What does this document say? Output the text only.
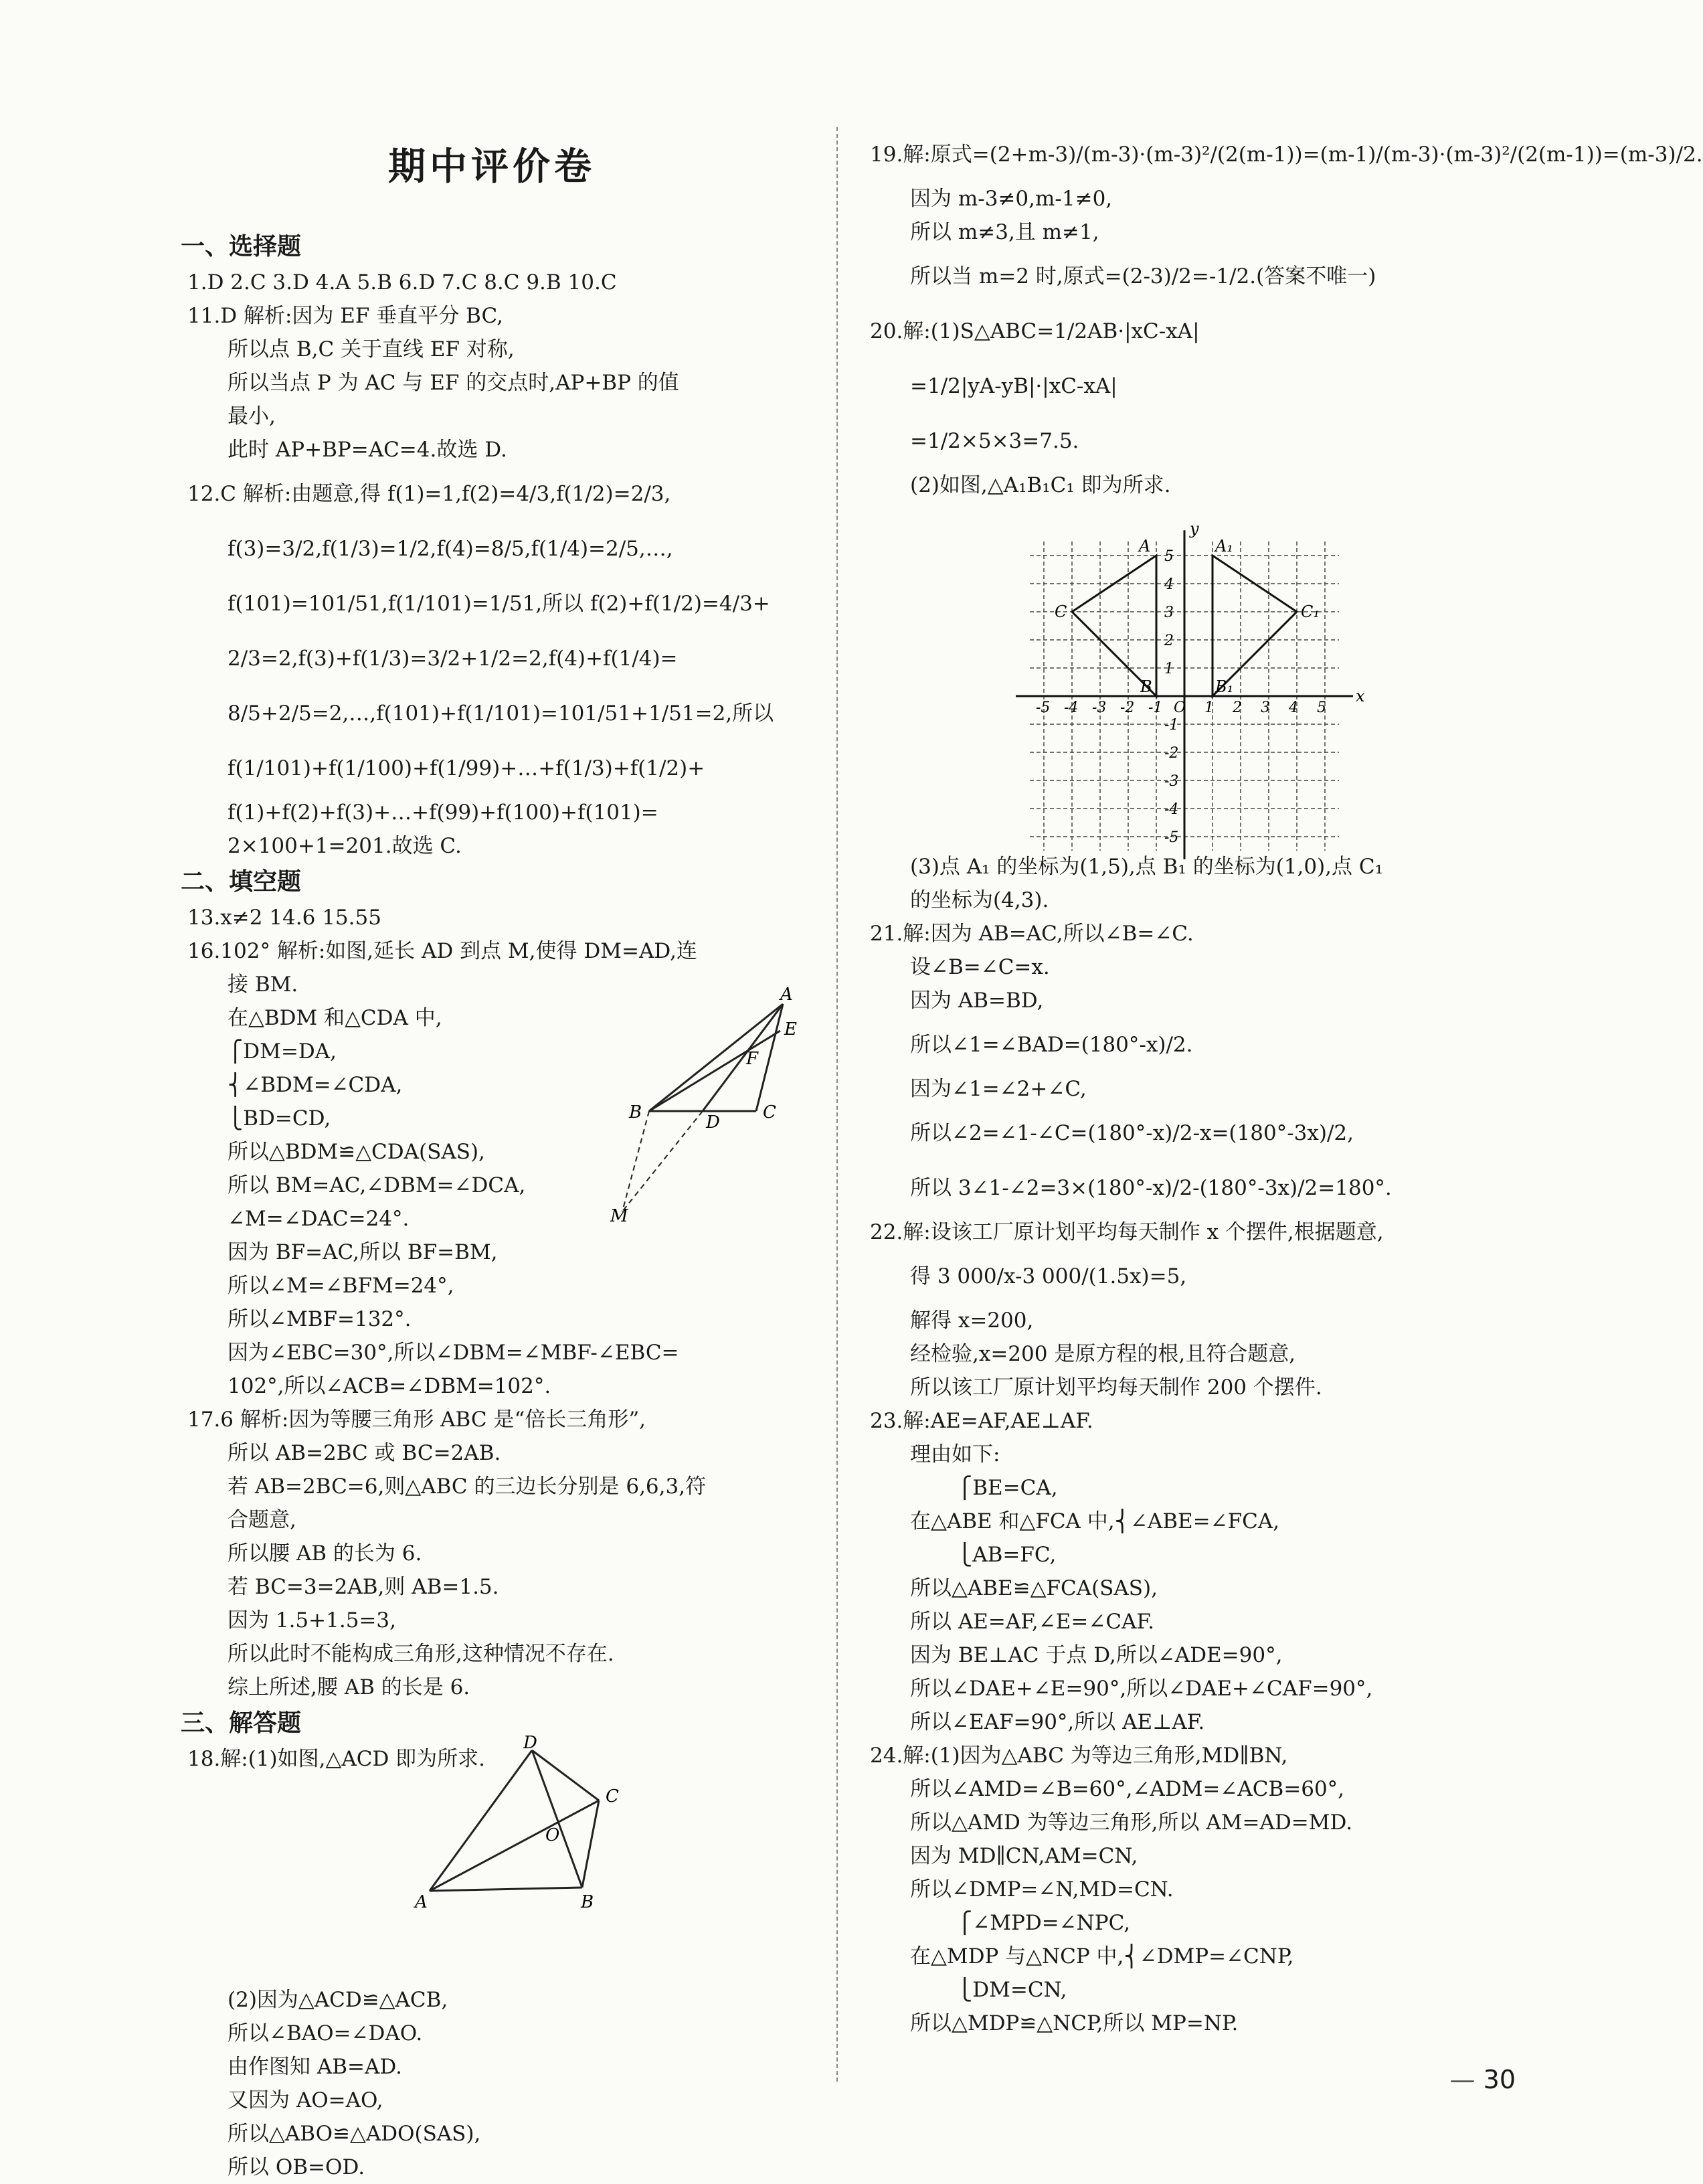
期中评价卷
一、选择题
1.D 2.C 3.D 4.A 5.B 6.D 7.C 8.C 9.B 10.C
11.D 解析:因为 EF 垂直平分 BC,
所以点 B,C 关于直线 EF 对称,
所以当点 P 为 AC 与 EF 的交点时,AP+BP 的值
最小,
此时 AP+BP=AC=4.故选 D.
12.C 解析:由题意,得 f(1)=1,f(2)=4/3,f(1/2)=2/3,
f(3)=3/2,f(1/3)=1/2,f(4)=8/5,f(1/4)=2/5,…,
f(101)=101/51,f(1/101)=1/51,所以 f(2)+f(1/2)=4/3+
2/3=2,f(3)+f(1/3)=3/2+1/2=2,f(4)+f(1/4)=
8/5+2/5=2,…,f(101)+f(1/101)=101/51+1/51=2,所以
f(1/101)+f(1/100)+f(1/99)+…+f(1/3)+f(1/2)+
f(1)+f(2)+f(3)+…+f(99)+f(100)+f(101)=
2×100+1=201.故选 C.
二、填空题
13.x≠2 14.6 15.55
16.102° 解析:如图,延长 AD 到点 M,使得 DM=AD,连
接 BM.
在△BDM 和△CDA 中,
⎧DM=DA,
⎨∠BDM=∠CDA,
⎩BD=CD,
所以△BDM≌△CDA(SAS),
所以 BM=AC,∠DBM=∠DCA,
∠M=∠DAC=24°.
因为 BF=AC,所以 BF=BM,
所以∠M=∠BFM=24°,
所以∠MBF=132°.
因为∠EBC=30°,所以∠DBM=∠MBF-∠EBC=
102°,所以∠ACB=∠DBM=102°.
17.6 解析:因为等腰三角形 ABC 是“倍长三角形”,
所以 AB=2BC 或 BC=2AB.
若 AB=2BC=6,则△ABC 的三边长分别是 6,6,3,符
合题意,
所以腰 AB 的长为 6.
若 BC=3=2AB,则 AB=1.5.
因为 1.5+1.5=3,
所以此时不能构成三角形,这种情况不存在.
综上所述,腰 AB 的长是 6.
三、解答题
18.解:(1)如图,△ACD 即为所求.
(2)因为△ACD≌△ACB,
所以∠BAO=∠DAO.
由作图知 AB=AD.
又因为 AO=AO,
所以△ABO≌△ADO(SAS),
所以 OB=OD.
19.解:原式=(2+m-3)/(m-3)·(m-3)²/(2(m-1))=(m-1)/(m-3)·(m-3)²/(2(m-1))=(m-3)/2.
因为 m-3≠0,m-1≠0,
所以 m≠3,且 m≠1,
所以当 m=2 时,原式=(2-3)/2=-1/2.(答案不唯一)
20.解:(1)S△ABC=1/2AB·|xC-xA|
=1/2|yA-yB|·|xC-xA|
=1/2×5×3=7.5.
(2)如图,△A₁B₁C₁ 即为所求.
(3)点 A₁ 的坐标为(1,5),点 B₁ 的坐标为(1,0),点 C₁
的坐标为(4,3).
21.解:因为 AB=AC,所以∠B=∠C.
设∠B=∠C=x.
因为 AB=BD,
所以∠1=∠BAD=(180°-x)/2.
因为∠1=∠2+∠C,
所以∠2=∠1-∠C=(180°-x)/2-x=(180°-3x)/2,
所以 3∠1-∠2=3×(180°-x)/2-(180°-3x)/2=180°.
22.解:设该工厂原计划平均每天制作 x 个摆件,根据题意,
得 3 000/x-3 000/(1.5x)=5,
解得 x=200,
经检验,x=200 是原方程的根,且符合题意,
所以该工厂原计划平均每天制作 200 个摆件.
23.解:AE=AF,AE⊥AF.
理由如下:
⎧BE=CA,
在△ABE 和△FCA 中,⎨∠ABE=∠FCA,
⎩AB=FC,
所以△ABE≌△FCA(SAS),
所以 AE=AF,∠E=∠CAF.
因为 BE⊥AC 于点 D,所以∠ADE=90°,
所以∠DAE+∠E=90°,所以∠DAE+∠CAF=90°,
所以∠EAF=90°,所以 AE⊥AF.
24.解:(1)因为△ABC 为等边三角形,MD∥BN,
所以∠AMD=∠B=60°,∠ADM=∠ACB=60°,
所以△AMD 为等边三角形,所以 AM=AD=MD.
因为 MD∥CN,AM=CN,
所以∠DMP=∠N,MD=CN.
⎧∠MPD=∠NPC,
在△MDP 与△NCP 中,⎨∠DMP=∠CNP,
⎩DM=CN,
所以△MDP≌△NCP,所以 MP=NP.
A
E
F
B	D C
M
D
C
O
A	B
-5 -4 -3 -2 -1	1 2 3 4 5
5
4
3
2
1
-1
-2
-3
-4
-5
x
y
O
A
B
C
A₁
B₁
C₁
— 30
